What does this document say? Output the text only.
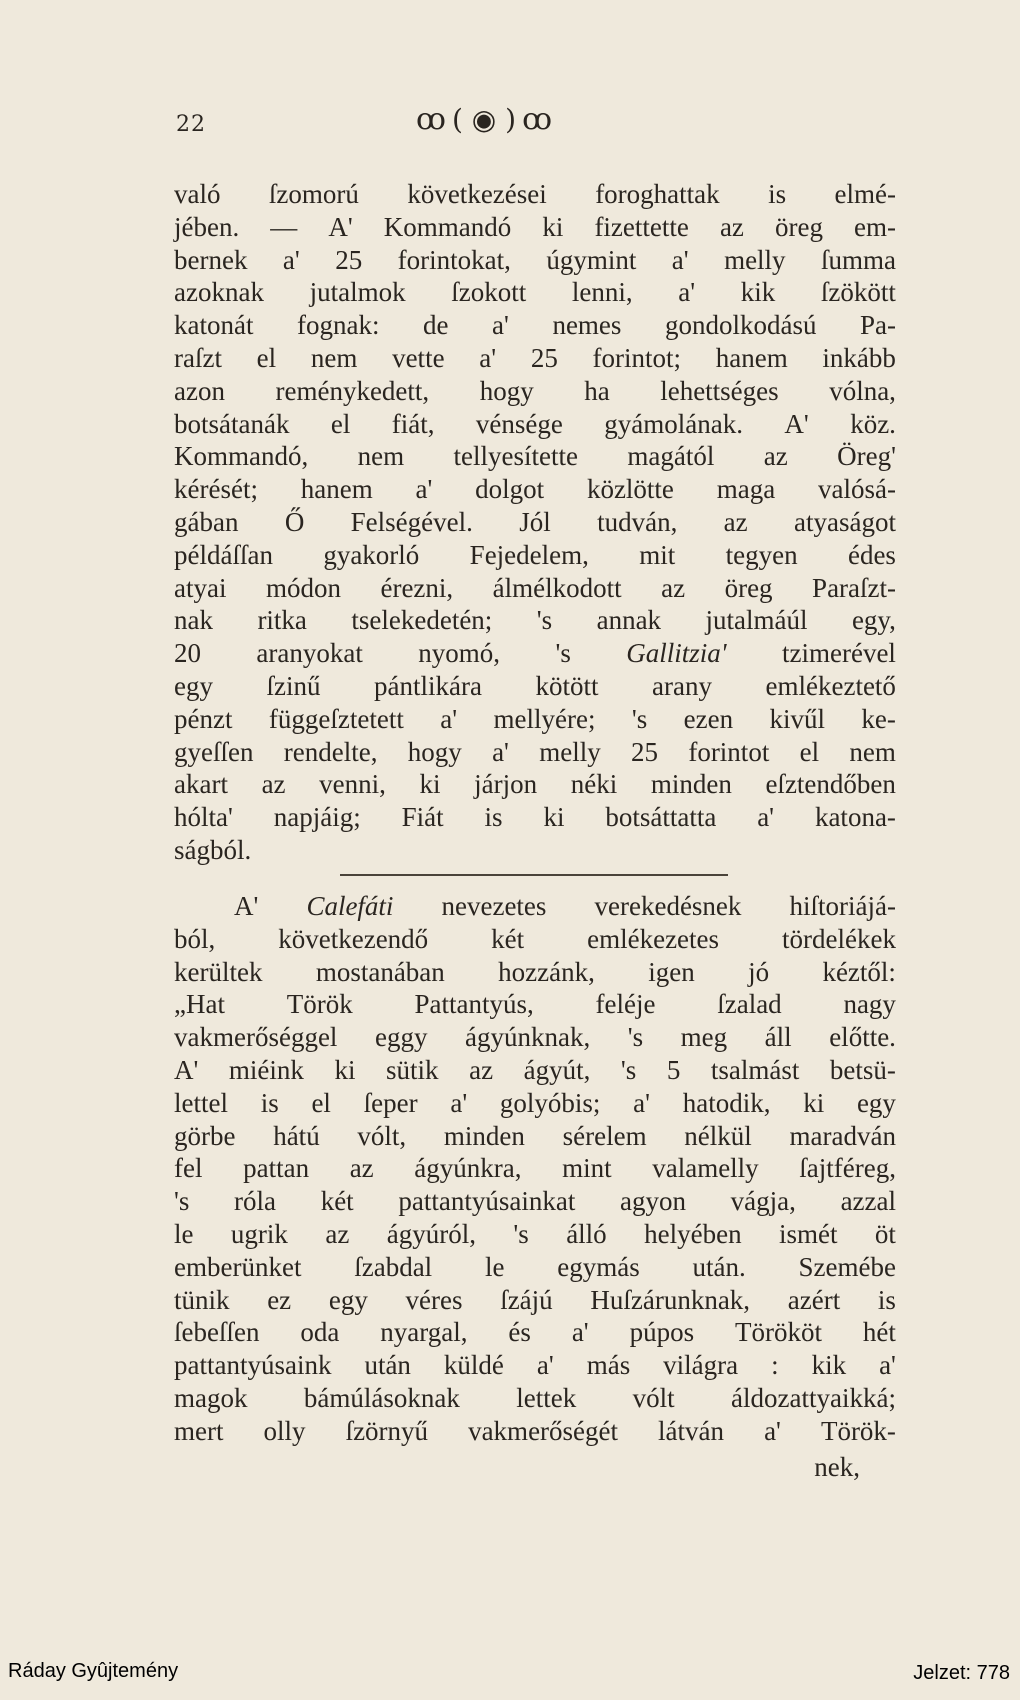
22	ꝏ ( ◉ ) ꝏ
való ſzomorú következései foroghattak is elmé-
jében. — A' Kommandó ki fizettette az öreg em-
bernek a' 25 forintokat, úgymint a' melly ſumma
azoknak jutalmok ſzokott lenni, a' kik ſzökött
katonát fognak: de a' nemes gondolkodású Pa-
raſzt el nem vette a' 25 forintot; hanem inkább
azon reménykedett, hogy ha lehettséges vólna,
botsátanák el fiát, vénsége gyámolának. A' köz.
Kommandó, nem tellyesítette magától az Öreg'
kérését; hanem a' dolgot közlötte maga valósá-
gában Ő Felségével. Jól tudván, az atyaságot
példáſſan gyakorló Fejedelem, mit tegyen édes
atyai módon érezni, álmélkodott az öreg Paraſzt-
nak ritka tselekedetén; 's annak jutalmáúl egy,
20 aranyokat nyomó, 's Gallitzia' tzimerével
egy ſzinű pántlikára kötött arany emlékeztető
pénzt függeſztetett a' mellyére; 's ezen kivűl ke-
gyeſſen rendelte, hogy a' melly 25 forintot el nem
akart az venni, ki járjon néki minden eſztendőben
hólta' napjáig; Fiát is ki botsáttatta a' katona-
ságból.
A' Calefáti nevezetes verekedésnek hiſtoriájá-
ból, következendő két emlékezetes tördelékek
kerültek mostanában hozzánk, igen jó kéztől:
„Hat Török Pattantyús, feléje ſzalad nagy
vakmerőséggel eggy ágyúnknak, 's meg áll előtte.
A' miéink ki sütik az ágyút, 's 5 tsalmást betsü-
lettel is el ſeper a' golyóbis; a' hatodik, ki egy
görbe hátú vólt, minden sérelem nélkül maradván
fel pattan az ágyúnkra, mint valamelly ſajtféreg,
's róla két pattantyúsainkat agyon vágja, azzal
le ugrik az ágyúról, 's álló helyében ismét öt
emberünket ſzabdal le egymás után. Szemébe
tünik ez egy véres ſzájú Huſzárunknak, azért is
ſebeſſen oda nyargal, és a' púpos Törököt hét
pattantyúsaink után küldé a' más világra : kik a'
magok bámúlásoknak lettek vólt áldozattyaikká;
mert olly ſzörnyű vakmerőségét látván a' Török-
nek,
Ráday Gyûjtemény	Jelzet: 778
